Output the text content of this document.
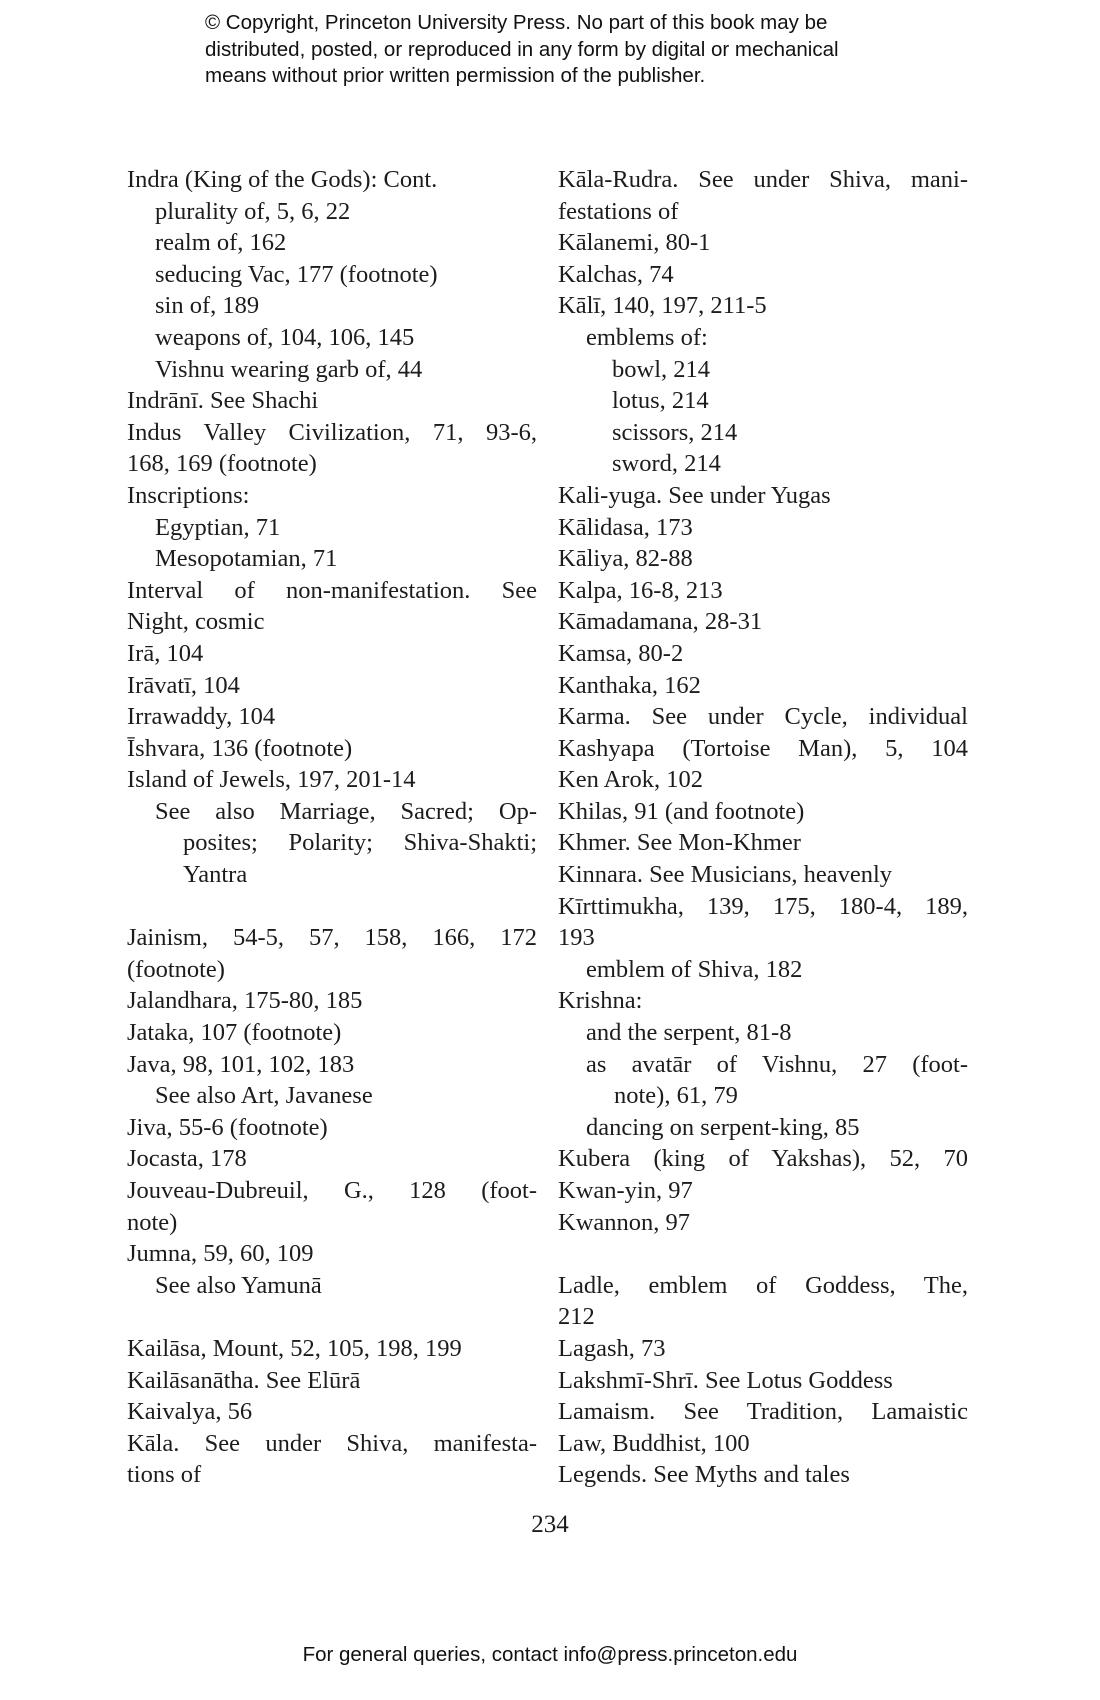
© Copyright, Princeton University Press. No part of this book may be
distributed, posted, or reproduced in any form by digital or mechanical
means without prior written permission of the publisher.
Indra (King of the Gods): Cont.
plurality of, 5, 6, 22
realm of, 162
seducing Vac, 177 (footnote)
sin of, 189
weapons of, 104, 106, 145
Vishnu wearing garb of, 44
Indrānī. See Shachi
Indus Valley Civilization, 71, 93-6,
168, 169 (footnote)
Inscriptions:
Egyptian, 71
Mesopotamian, 71
Interval of non-manifestation. See
Night, cosmic
Irā, 104
Irāvatī, 104
Irrawaddy, 104
Īshvara, 136 (footnote)
Island of Jewels, 197, 201-14
See also Marriage, Sacred; Op-
posites; Polarity; Shiva-Shakti;
Yantra
Jainism, 54-5, 57, 158, 166, 172
(footnote)
Jalandhara, 175-80, 185
Jataka, 107 (footnote)
Java, 98, 101, 102, 183
See also Art, Javanese
Jiva, 55-6 (footnote)
Jocasta, 178
Jouveau-Dubreuil, G., 128 (foot-
note)
Jumna, 59, 60, 109
See also Yamunā
Kailāsa, Mount, 52, 105, 198, 199
Kailāsanātha. See Elūrā
Kaivalya, 56
Kāla. See under Shiva, manifesta-
tions of
Kāla-Rudra. See under Shiva, mani-
festations of
Kālanemi, 80-1
Kalchas, 74
Kālī, 140, 197, 211-5
emblems of:
bowl, 214
lotus, 214
scissors, 214
sword, 214
Kali-yuga. See under Yugas
Kālidasa, 173
Kāliya, 82-88
Kalpa, 16-8, 213
Kāmadamana, 28-31
Kamsa, 80-2
Kanthaka, 162
Karma. See under Cycle, individual
Kashyapa (Tortoise Man), 5, 104
Ken Arok, 102
Khilas, 91 (and footnote)
Khmer. See Mon-Khmer
Kinnara. See Musicians, heavenly
Kīrttimukha, 139, 175, 180-4, 189,
193
emblem of Shiva, 182
Krishna:
and the serpent, 81-8
as avatār of Vishnu, 27 (foot-
note), 61, 79
dancing on serpent-king, 85
Kubera (king of Yakshas), 52, 70
Kwan-yin, 97
Kwannon, 97
Ladle, emblem of Goddess, The,
212
Lagash, 73
Lakshmī-Shrī. See Lotus Goddess
Lamaism. See Tradition, Lamaistic
Law, Buddhist, 100
Legends. See Myths and tales
234
For general queries, contact info@press.princeton.edu
